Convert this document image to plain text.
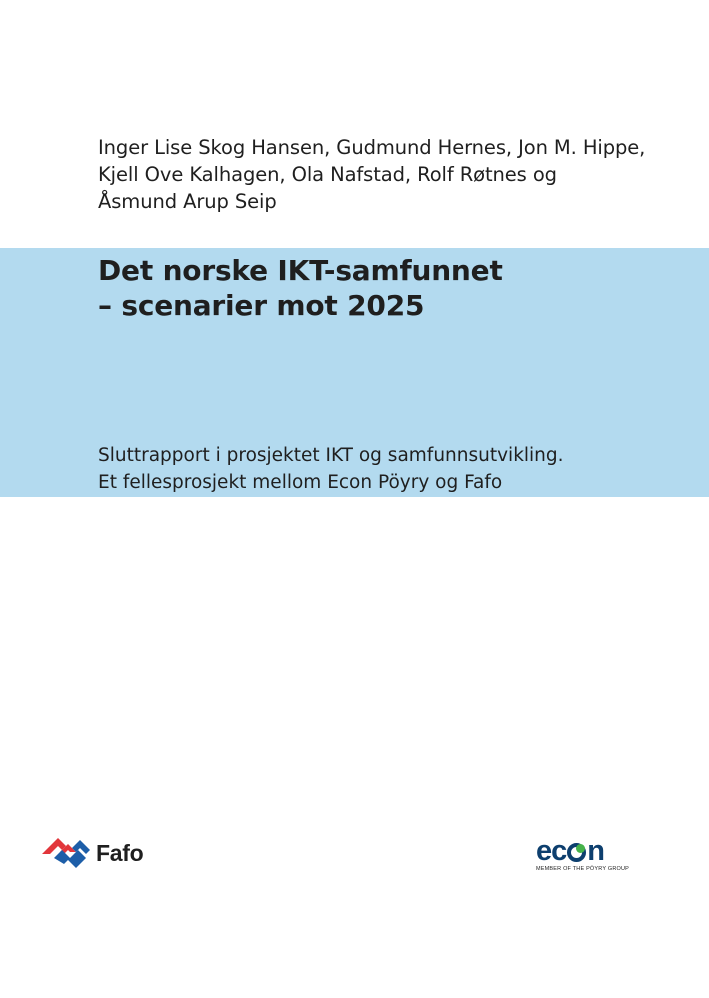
Inger Lise Skog Hansen, Gudmund Hernes, Jon M. Hippe,
Kjell Ove Kalhagen, Ola Nafstad, Rolf Røtnes og
Åsmund Arup Seip
Det norske IKT-samfunnet
– scenarier mot 2025
Sluttrapport i prosjektet IKT og samfunnsutvikling.
Et fellesprosjekt mellom Econ Pöyry og Fafo
Fafo	ec n
MEMBER OF THE PÖYRY GROUP
